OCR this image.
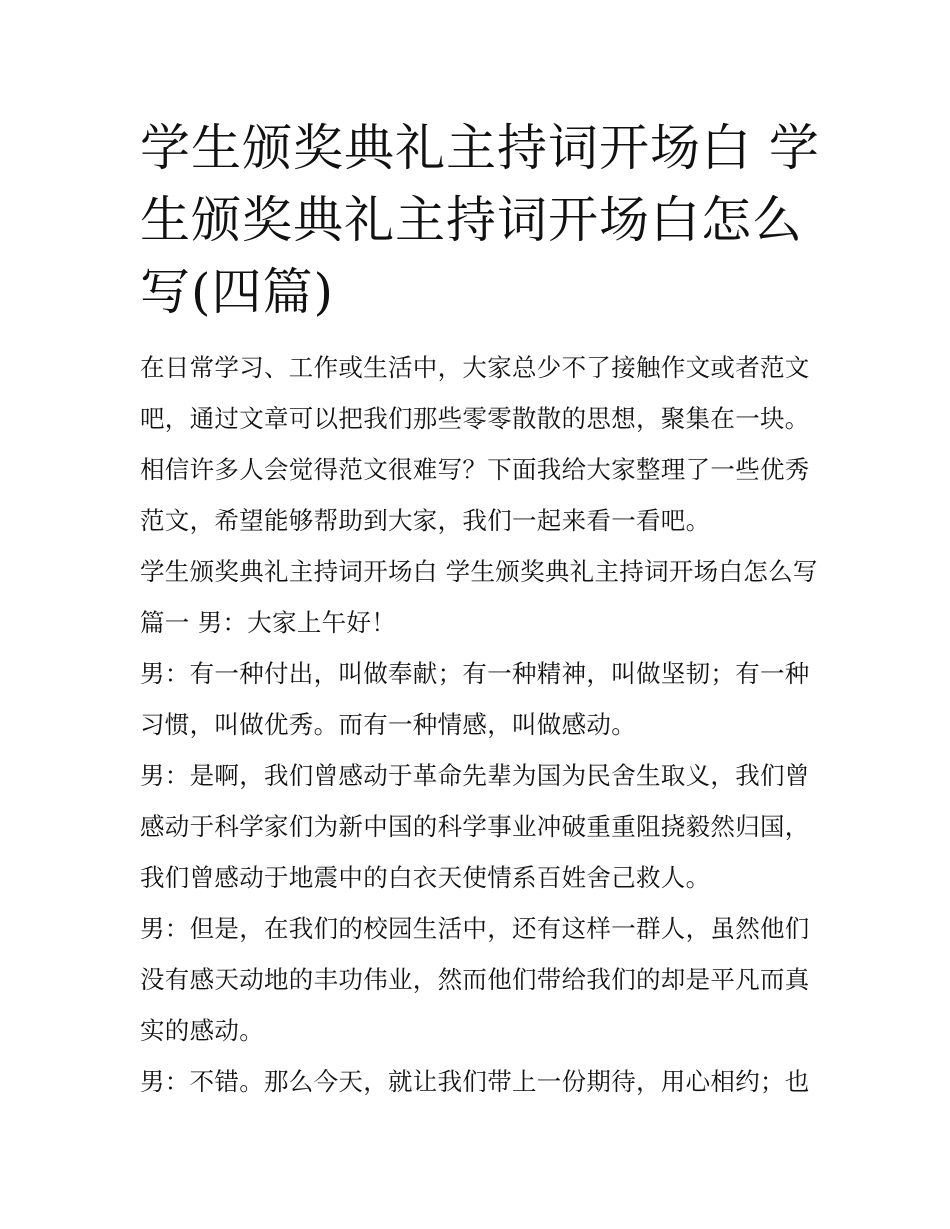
学生颁奖典礼主持词开场白 学生颁奖典礼主持词开场白怎么写(四篇)

在日常学习、工作或生活中，大家总少不了接触作文或者范文吧，通过文章可以把我们那些零零散散的思想，聚集在一块。相信许多人会觉得范文很难写？下面我给大家整理了一些优秀范文，希望能够帮助到大家，我们一起来看一看吧。

学生颁奖典礼主持词开场白 学生颁奖典礼主持词开场白怎么写篇一 男：大家上午好！

男：有一种付出，叫做奉献；有一种精神，叫做坚韧；有一种习惯，叫做优秀。而有一种情感，叫做感动。

男：是啊，我们曾感动于革命先辈为国为民舍生取义，我们曾感动于科学家们为新中国的科学事业冲破重重阻挠毅然归国，我们曾感动于地震中的白衣天使情系百姓舍己救人。

男：但是，在我们的校园生活中，还有这样一群人，虽然他们没有感天动地的丰功伟业，然而他们带给我们的却是平凡而真实的感动。

男：不错。那么今天，就让我们带上一份期待，用心相约；也
